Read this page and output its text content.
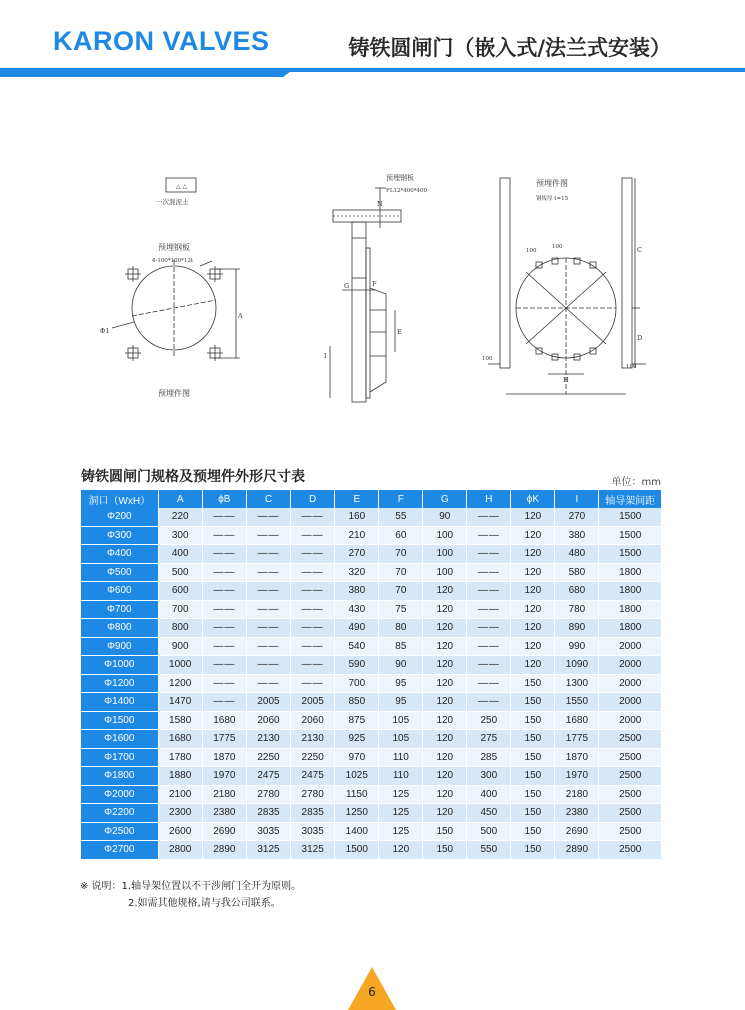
KARON VALVES	铸铁圆闸门（嵌入式/法兰式安装）
△ △
一次混泥土
预埋钢板
4-100*100*12t
预埋件图
Φ1
A
预埋钢板
FL12*400*400
N
G	F
E
I
预埋件图
钢板厚 t=15
C
D
H
100
100
100
100
铸铁圆闸门规格及预埋件外形尺寸表	单位：mm
洞口（WxH）	A	ϕB	C	D	E	F	G	H	ϕK	I	轴导架间距
Φ200	220	——	——	——	160	55	90	——	120	270	1500
Φ300	300	——	——	——	210	60	100	——	120	380	1500
Φ400	400	——	——	——	270	70	100	——	120	480	1500
Φ500	500	——	——	——	320	70	100	——	120	580	1800
Φ600	600	——	——	——	380	70	120	——	120	680	1800
Φ700	700	——	——	——	430	75	120	——	120	780	1800
Φ800	800	——	——	——	490	80	120	——	120	890	1800
Φ900	900	——	——	——	540	85	120	——	120	990	2000
Φ1000	1000	——	——	——	590	90	120	——	120	1090	2000
Φ1200	1200	——	——	——	700	95	120	——	150	1300	2000
Φ1400	1470	——	2005	2005	850	95	120	——	150	1550	2000
Φ1500	1580	1680	2060	2060	875	105	120	250	150	1680	2000
Φ1600	1680	1775	2130	2130	925	105	120	275	150	1775	2500
Φ1700	1780	1870	2250	2250	970	110	120	285	150	1870	2500
Φ1800	1880	1970	2475	2475	1025	110	120	300	150	1970	2500
Φ2000	2100	2180	2780	2780	1150	125	120	400	150	2180	2500
Φ2200	2300	2380	2835	2835	1250	125	120	450	150	2380	2500
Φ2500	2600	2690	3035	3035	1400	125	150	500	150	2690	2500
Φ2700	2800	2890	3125	3125	1500	120	150	550	150	2890	2500
※ 说明：1.轴导架位置以不干涉闸门全开为原则。
2.如需其他规格,请与我公司联系。
6
